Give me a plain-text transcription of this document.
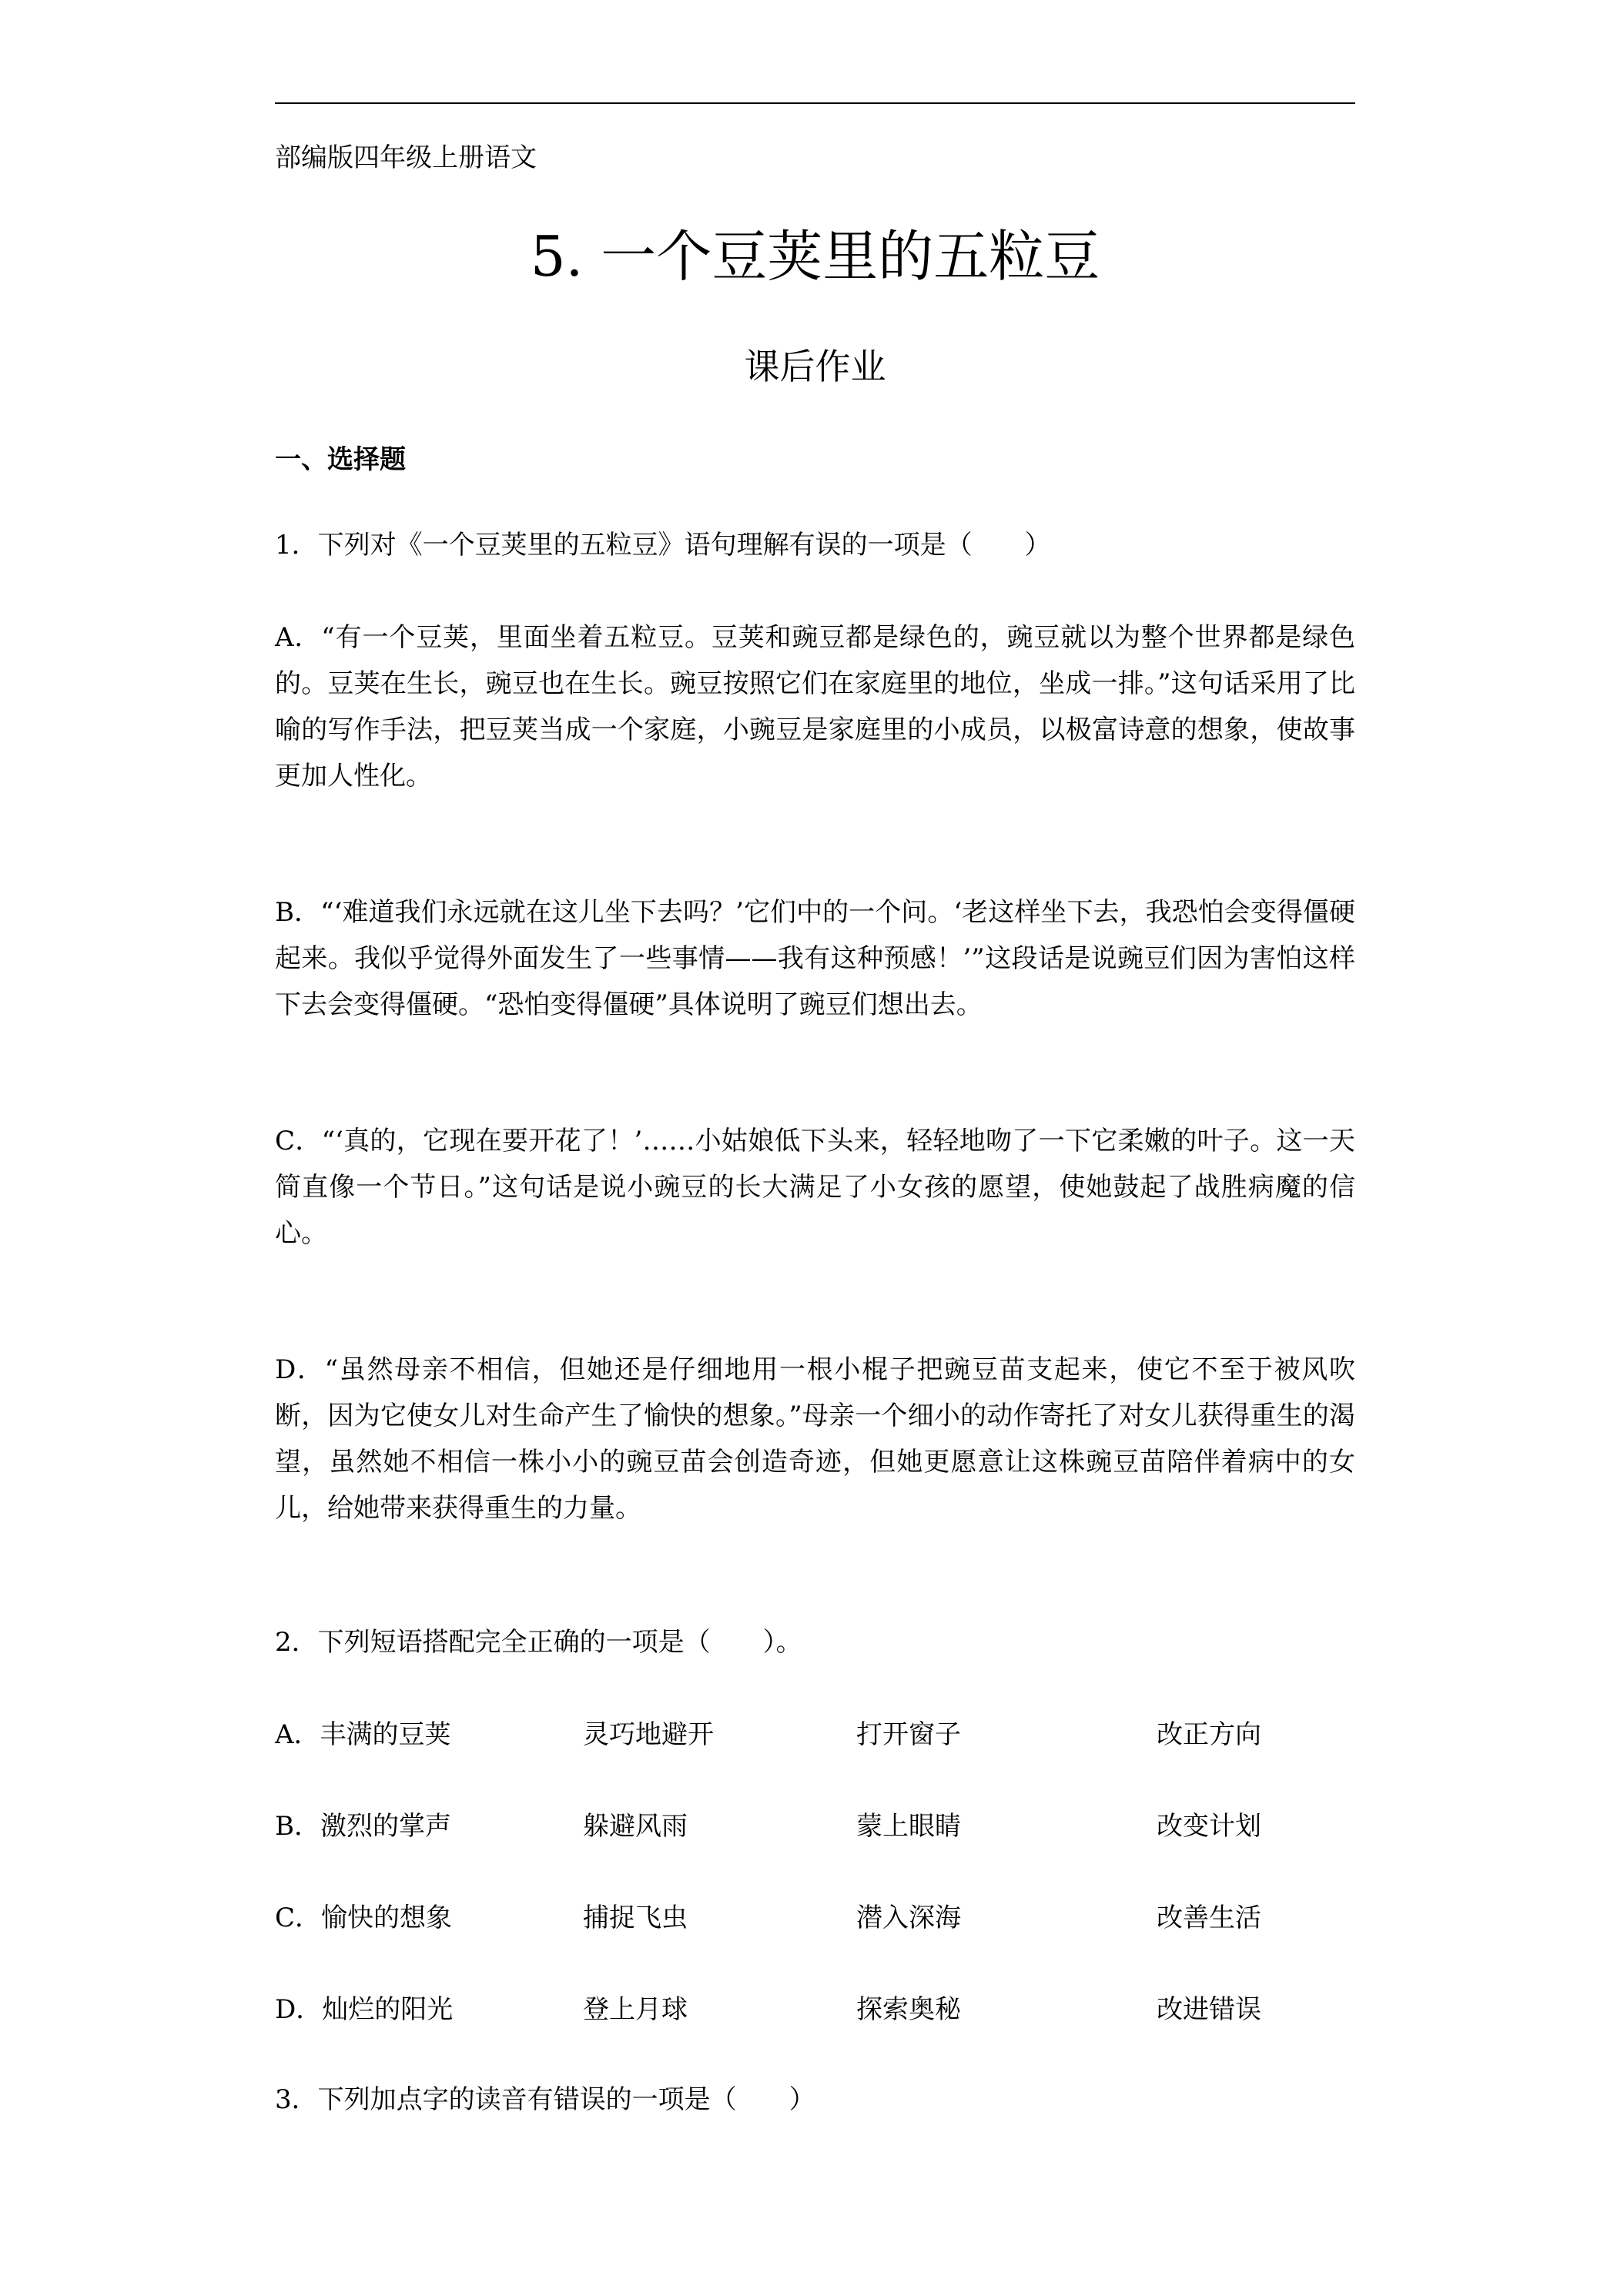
部编版四年级上册语文
5. 一个豆荚里的五粒豆
课后作业
一、选择题
1．下列对《一个豆荚里的五粒豆》语句理解有误的一项是（　　）
A．“有一个豆荚，里面坐着五粒豆。豆荚和豌豆都是绿色的，豌豆就以为整个世界都是绿色的。豆荚在生长，豌豆也在生长。豌豆按照它们在家庭里的地位，坐成一排。”这句话采用了比喻的写作手法，把豆荚当成一个家庭，小豌豆是家庭里的小成员，以极富诗意的想象，使故事更加人性化。
B．“‘难道我们永远就在这儿坐下去吗？’它们中的一个问。‘老这样坐下去，我恐怕会变得僵硬起来。我似乎觉得外面发生了一些事情——我有这种预感！’”这段话是说豌豆们因为害怕这样下去会变得僵硬。“恐怕变得僵硬”具体说明了豌豆们想出去。
C．“‘真的，它现在要开花了！’……小姑娘低下头来，轻轻地吻了一下它柔嫩的叶子。这一天简直像一个节日。”这句话是说小豌豆的长大满足了小女孩的愿望，使她鼓起了战胜病魔的信心。
D．“虽然母亲不相信，但她还是仔细地用一根小棍子把豌豆苗支起来，使它不至于被风吹断，因为它使女儿对生命产生了愉快的想象。”母亲一个细小的动作寄托了对女儿获得重生的渴望，虽然她不相信一株小小的豌豆苗会创造奇迹，但她更愿意让这株豌豆苗陪伴着病中的女儿，给她带来获得重生的力量。
2．下列短语搭配完全正确的一项是（　　）。
A．丰满的豆荚	灵巧地避开	打开窗子	改正方向
B．激烈的掌声	躲避风雨	蒙上眼睛	改变计划
C．愉快的想象	捕捉飞虫	潜入深海	改善生活
D．灿烂的阳光	登上月球	探索奥秘	改进错误
3．下列加点字的读音有错误的一项是（　　）
